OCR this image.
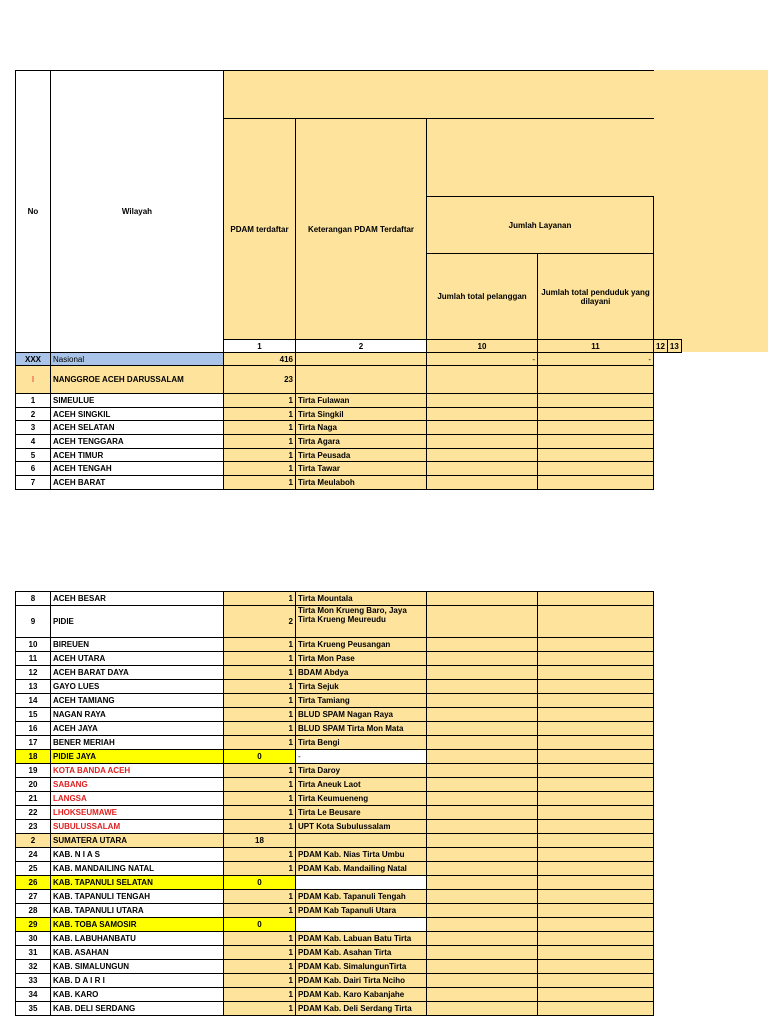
No	Wilayah						
		PDAM terdaftar	Keterangan PDAM Terdaftar				
				Jumlah Layanan			
				Jumlah total pelanggan	Jumlah total penduduk yang dilayani		
		1	2	10	11	12	13
XXX	Nasional	416		-	-		
I	NANGGROE ACEH DARUSSALAM	23					
1	SIMEULUE	1	Tirta Fulawan				
2	ACEH SINGKIL	1	Tirta Singkil				
3	ACEH SELATAN	1	Tirta Naga				
4	ACEH TENGGARA	1	Tirta Agara				
5	ACEH TIMUR	1	Tirta Peusada				
6	ACEH TENGAH	1	Tirta Tawar				
7	ACEH BARAT	1	Tirta Meulaboh				
8	ACEH BESAR	1	Tirta Mountala		
9	PIDIE	2	Tirta Mon Krueng Baro, Jaya Tirta Krueng Meureudu		
10	BIREUEN	1	Tirta Krueng Peusangan		
11	ACEH UTARA	1	Tirta Mon Pase		
12	ACEH BARAT DAYA	1	BDAM Abdya		
13	GAYO LUES	1	Tirta Sejuk		
14	ACEH TAMIANG	1	Tirta Tamiang		
15	NAGAN RAYA	1	BLUD SPAM Nagan Raya		
16	ACEH JAYA	1	BLUD SPAM Tirta Mon Mata		
17	BENER MERIAH	1	Tirta Bengi		
18	PIDIE JAYA	0	-		
19	KOTA BANDA ACEH	1	Tirta Daroy		
20	SABANG	1	Tirta Aneuk Laot		
21	LANGSA	1	Tirta Keumueneng		
22	LHOKSEUMAWE	1	Tirta Le Beusare		
23	SUBULUSSALAM	1	UPT Kota Subulussalam		
2	SUMATERA UTARA	18			
24	KAB. N I A S	1	PDAM Kab. Nias Tirta Umbu		
25	KAB. MANDAILING NATAL	1	PDAM Kab. Mandailing Natal		
26	KAB. TAPANULI SELATAN	0			
27	KAB. TAPANULI TENGAH	1	PDAM Kab. Tapanuli Tengah		
28	KAB. TAPANULI UTARA	1	PDAM Kab Tapanuli Utara		
29	KAB. TOBA SAMOSIR	0			
30	KAB. LABUHANBATU	1	PDAM Kab. Labuan Batu Tirta		
31	KAB. ASAHAN	1	PDAM Kab. Asahan Tirta		
32	KAB. SIMALUNGUN	1	PDAM Kab. SimalungunTirta		
33	KAB. D A I R I	1	PDAM Kab. Dairi Tirta Nciho		
34	KAB. KARO	1	PDAM Kab. Karo Kabanjahe		
35	KAB. DELI SERDANG	1	PDAM Kab. Deli Serdang Tirta		
